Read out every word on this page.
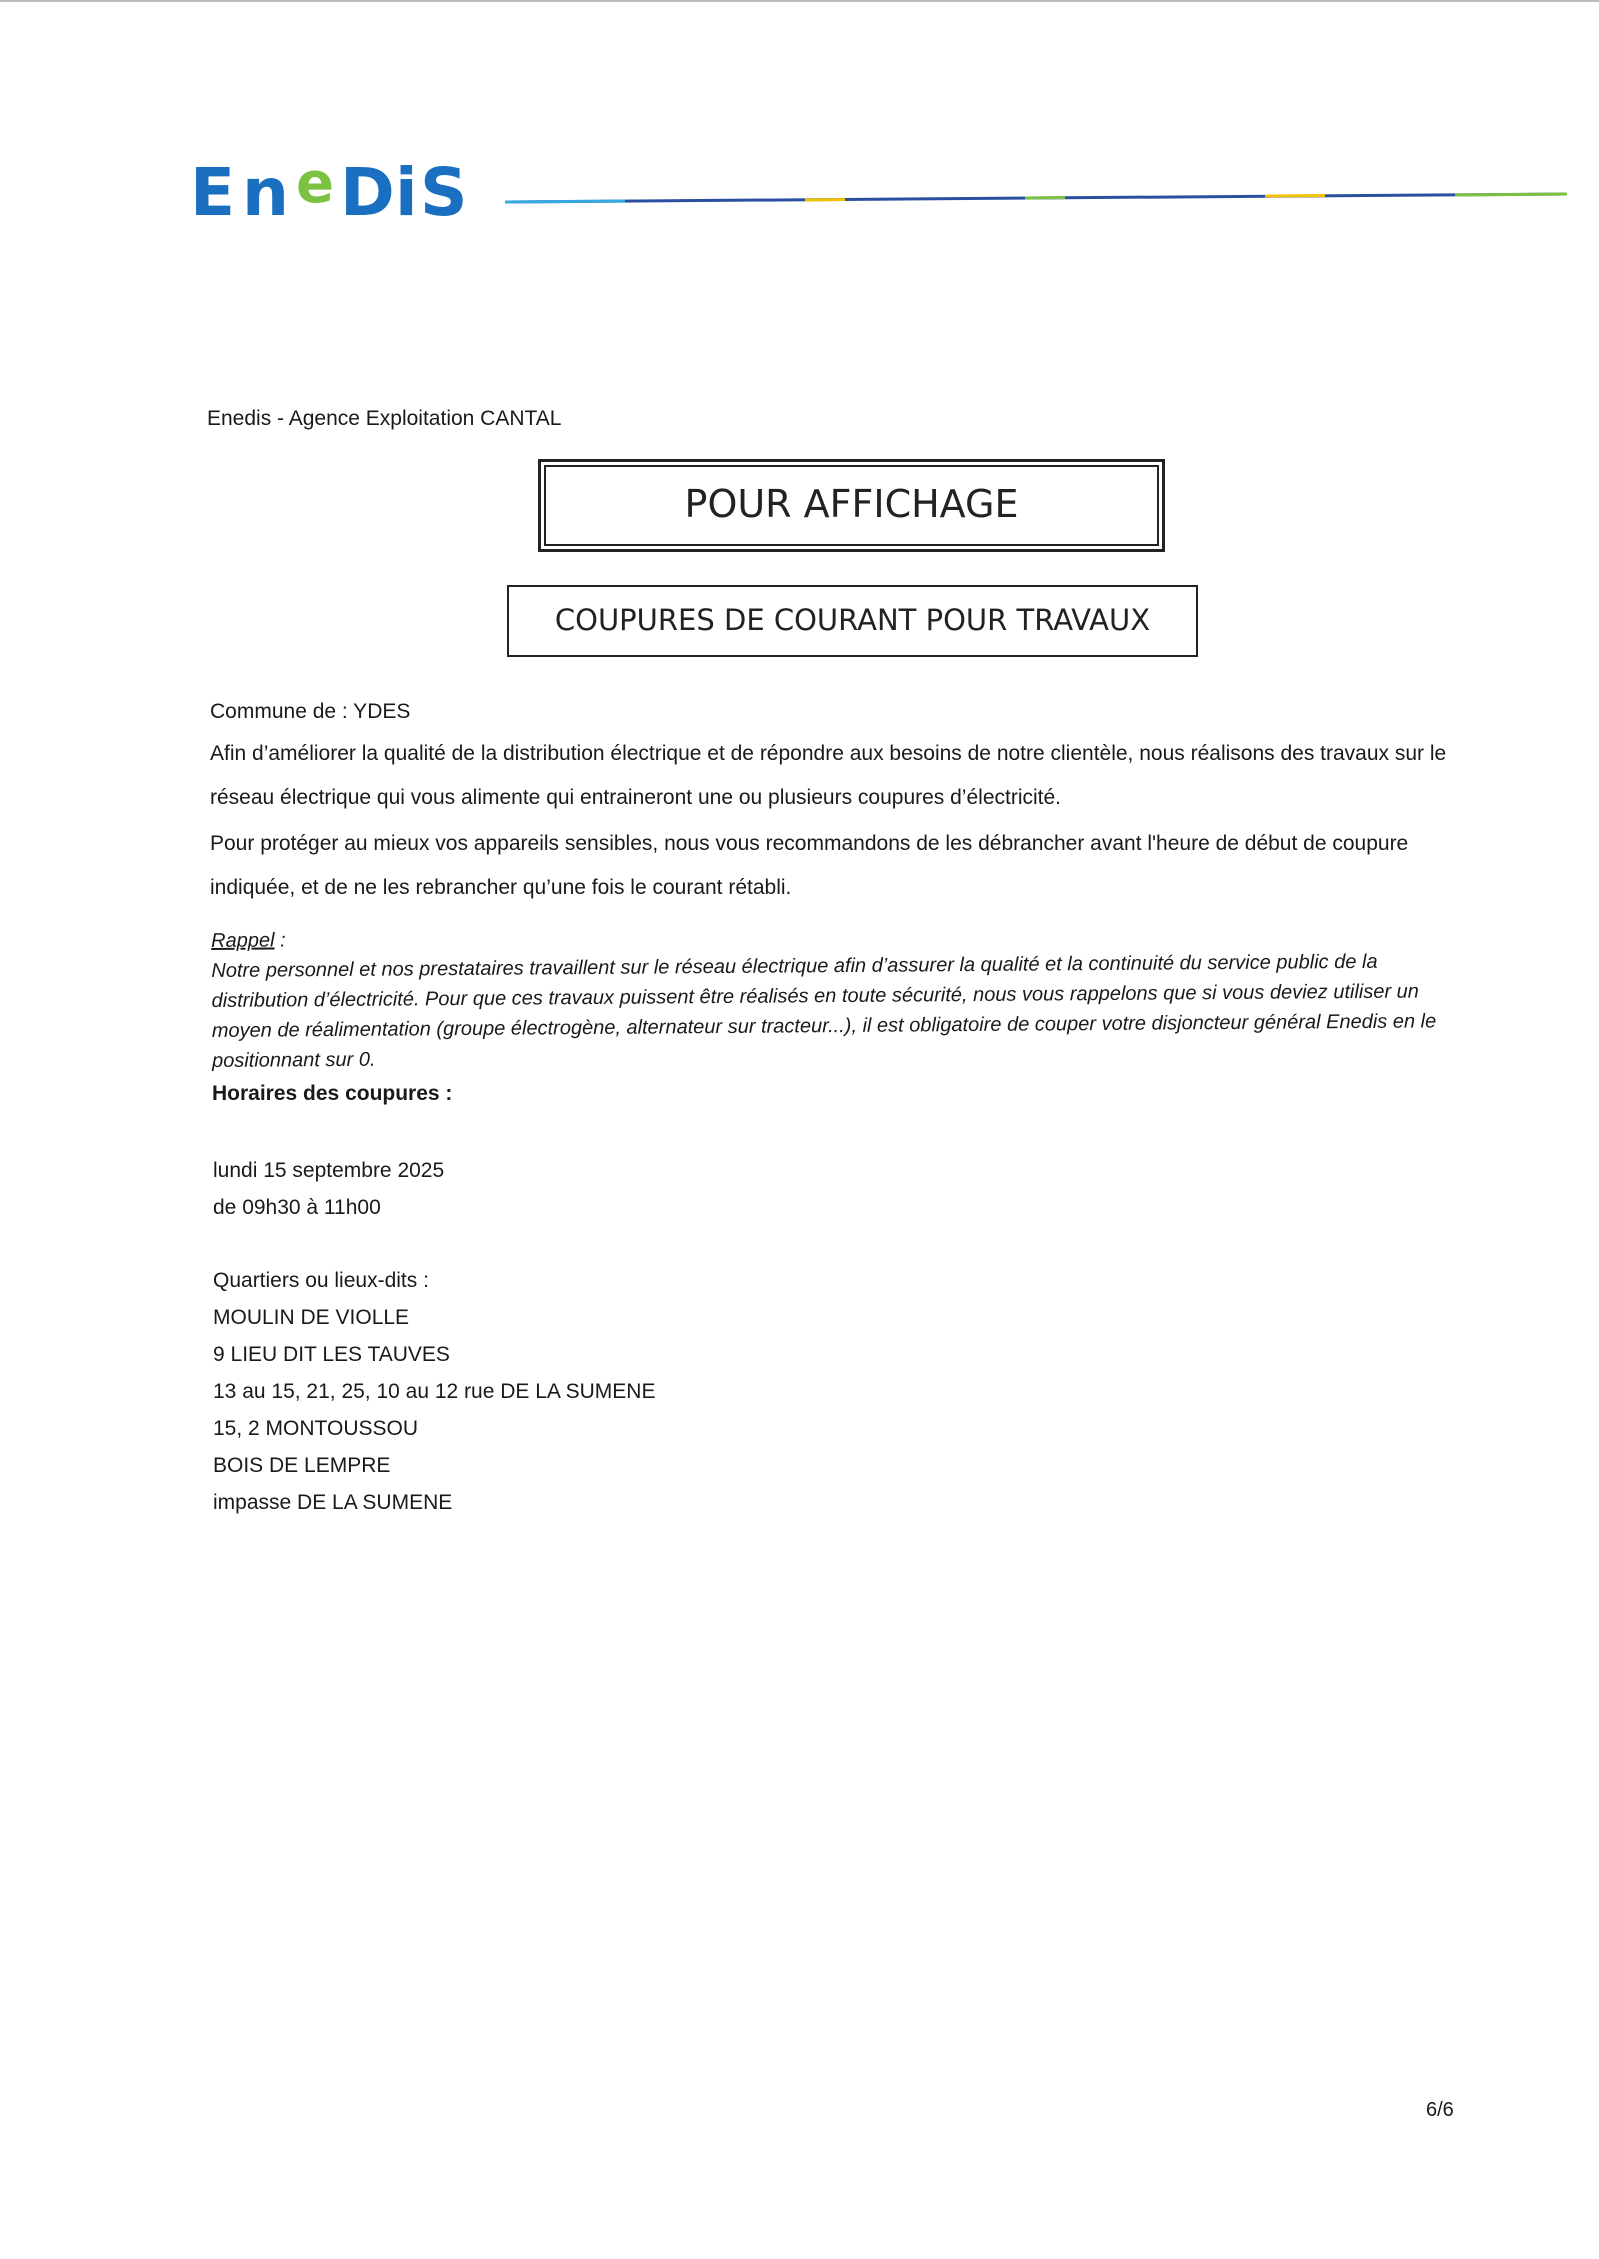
E n e D
i S
Enedis - Agence Exploitation CANTAL
POUR AFFICHAGE
COUPURES DE COURANT POUR TRAVAUX
Commune de : YDES
Afin d’améliorer la qualité de la distribution électrique et de répondre aux besoins de notre clientèle, nous réalisons des travaux sur le réseau électrique qui vous alimente qui entraineront une ou plusieurs coupures d’électricité.
Pour protéger au mieux vos appareils sensibles, nous vous recommandons de les débrancher avant l'heure de début de coupure indiquée, et de ne les rebrancher qu’une fois le courant rétabli.
Rappel :
Notre personnel et nos prestataires travaillent sur le réseau électrique afin d’assurer la qualité et la continuité du service public de la distribution d’électricité. Pour que ces travaux puissent être réalisés en toute sécurité, nous vous rappelons que si vous deviez utiliser un moyen de réalimentation (groupe électrogène, alternateur sur tracteur...), il est obligatoire de couper votre disjoncteur général Enedis en le positionnant sur 0.
Horaires des coupures :
lundi 15 septembre 2025
de 09h30 à 11h00
Quartiers ou lieux-dits :
MOULIN DE VIOLLE
9 LIEU DIT LES TAUVES
13 au 15, 21, 25, 10 au 12 rue DE LA SUMENE
15, 2 MONTOUSSOU
BOIS DE LEMPRE
impasse DE LA SUMENE
6/6
